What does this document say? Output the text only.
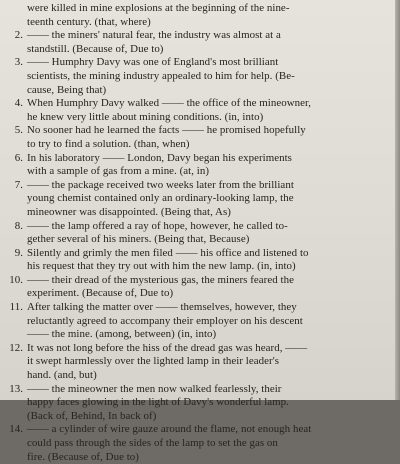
were killed in mine explosions at the beginning of the nine-
teenth century. (that, where)
2. —— the miners' natural fear, the industry was almost at a
standstill. (Because of, Due to)
3. —— Humphry Davy was one of England's most brilliant
scientists, the mining industry appealed to him for help. (Be-
cause, Being that)
4. When Humphry Davy walked —— the office of the mineowner,
he knew very little about mining conditions. (in, into)
5. No sooner had he learned the facts —— he promised hopefully
to try to find a solution. (than, when)
6. In his laboratory —— London, Davy began his experiments
with a sample of gas from a mine. (at, in)
7. —— the package received two weeks later from the brilliant
young chemist contained only an ordinary-looking lamp, the
mineowner was disappointed. (Being that, As)
8. —— the lamp offered a ray of hope, however, he called to-
gether several of his miners. (Being that, Because)
9. Silently and grimly the men filed —— his office and listened to
his request that they try out with him the new lamp. (in, into)
10. —— their dread of the mysterious gas, the miners feared the
experiment. (Because of, Due to)
11. After talking the matter over —— themselves, however, they
reluctantly agreed to accompany their employer on his descent
—— the mine. (among, between) (in, into)
12. It was not long before the hiss of the dread gas was heard, ——
it swept harmlessly over the lighted lamp in their leader's
hand. (and, but)
13. —— the mineowner the men now walked fearlessly, their
happy faces glowing in the light of Davy's wonderful lamp.
(Back of, Behind, In back of)
14. —— a cylinder of wire gauze around the flame, not enough heat
could pass through the sides of the lamp to set the gas on
fire. (Because of, Due to)
